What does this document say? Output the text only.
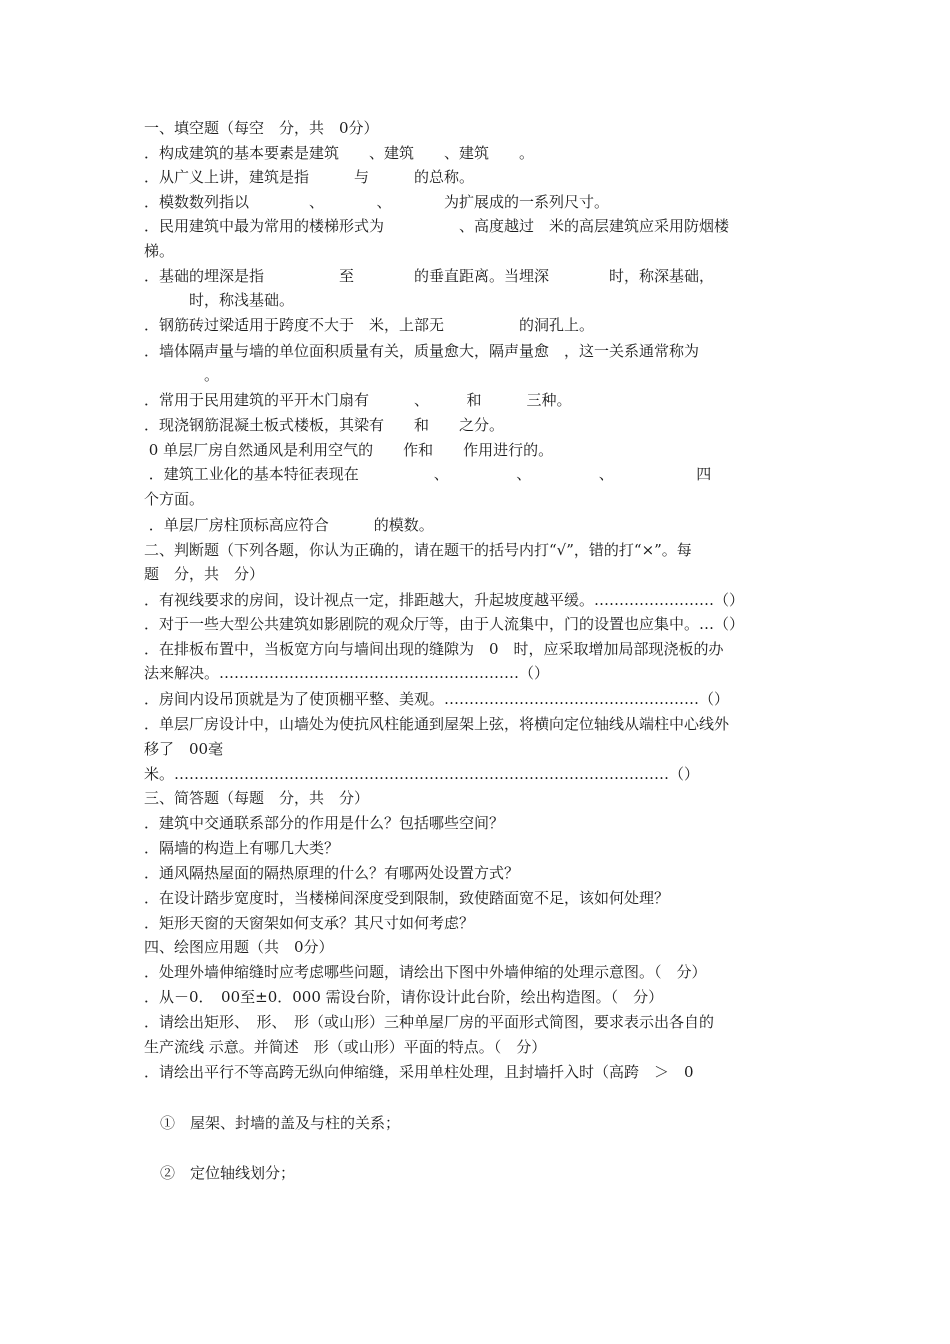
一、填空题（每空　分，共　0分）
．构成建筑的基本要素是建筑　　、建筑　　、建筑　　。
．从广义上讲，建筑是指　　　与　　　的总称。
．模数数列指以　　　　、　　　　、　　　　为扩展成的一系列尺寸。
．民用建筑中最为常用的楼梯形式为　　　　　、高度越过　米的高层建筑应采用防烟楼
梯。
．基础的埋深是指　　　　　至　　　　的垂直距离。当埋深　　　　时，称深基础，
　　　时，称浅基础。
．钢筋砖过梁适用于跨度不大于　米，上部无　　　　　的洞孔上。
．墙体隔声量与墙的单位面积质量有关，质量愈大，隔声量愈　，这一关系通常称为
　　　　。
．常用于民用建筑的平开木门扇有　　　、　　　和　　　三种。
．现浇钢筋混凝土板式楼板，其梁有　　和　　之分。
0 单层厂房自然通风是利用空气的　　作和　　作用进行的。
．建筑工业化的基本特征表现在　　　　　、　　　　　、　　　　　、　　　　　　四
个方面。
．单层厂房柱顶标高应符合　　　的模数。
二、判断题（下列各题，你认为正确的，请在题干的括号内打“√”，错的打“×”。每
题　分，共　分）
．有视线要求的房间，设计视点一定，排距越大，升起坡度越平缓。……………………（）
．对于一些大型公共建筑如影剧院的观众厅等，由于人流集中，门的设置也应集中。…（）
．在排板布置中，当板宽方向与墙间出现的缝隙为　0　时，应采取增加局部现浇板的办
法来解决。……………………………………………………（）
．房间内设吊顶就是为了使顶棚平整、美观。……………………………………………（）
．单层厂房设计中，山墙处为使抗风柱能通到屋架上弦，将横向定位轴线从端柱中心线外
移了　00毫
米。………………………………………………………………………………………（）
三、简答题（每题　分，共　分）
．建筑中交通联系部分的作用是什么？包括哪些空间？
．隔墙的构造上有哪几大类？
．通风隔热屋面的隔热原理的什么？有哪两处设置方式？
．在设计踏步宽度时，当楼梯间深度受到限制，致使踏面宽不足，该如何处理？
．矩形天窗的天窗架如何支承？其尺寸如何考虑？
四、绘图应用题（共　0分）
．处理外墙伸缩缝时应考虑哪些问题，请绘出下图中外墙伸缩的处理示意图。（　分）
．从－0．　00至±0．000 需设台阶，请你设计此台阶，绘出构造图。（　分）
．请绘出矩形、　形、　形（或山形）三种单屋厂房的平面形式简图，要求表示出各自的
生产流线 示意。并简述　形（或山形）平面的特点。（　分）
．请绘出平行不等高跨无纵向伸缩缝，采用单柱处理，且封墙扦入时（高跨　＞　0
①　屋架、封墙的盖及与柱的关系；
②　定位轴线划分；
